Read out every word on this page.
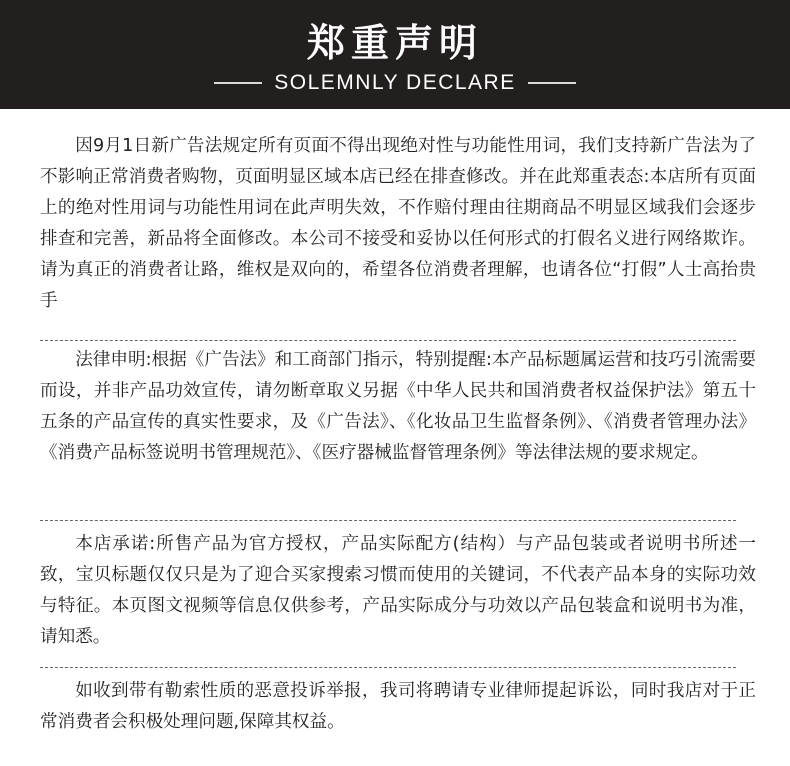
郑重声明
SOLEMNLY DECLARE

因9月1日新广告法规定所有页面不得出现绝对性与功能性用词，我们支持新广告法为了不影响正常消费者购物，页面明显区域本店已经在排查修改。并在此郑重表态:本店所有页面上的绝对性用词与功能性用词在此声明失效，不作赔付理由往期商品不明显区域我们会逐步排查和完善，新品将全面修改。本公司不接受和妥协以任何形式的打假名义进行网络欺诈。请为真正的消费者让路，维权是双向的，希望各位消费者理解，也请各位“打假”人士高抬贵手

法律申明:根据《广告法》和工商部门指示，特别提醒:本产品标题属运营和技巧引流需要而设，并非产品功效宣传，请勿断章取义另据《中华人民共和国消费者权益保护法》第五十五条的产品宣传的真实性要求，及《广告法》、《化妆品卫生监督条例》、《消费者管理办法》《消费产品标签说明书管理规范》、《医疗器械监督管理条例》等法律法规的要求规定。

本店承诺:所售产品为官方授权，产品实际配方(结构）与产品包装或者说明书所述一致，宝贝标题仅仅只是为了迎合买家搜索习惯而使用的关键词，不代表产品本身的实际功效与特征。本页图文视频等信息仅供参考，产品实际成分与功效以产品包装盒和说明书为准，请知悉。

如收到带有勒索性质的恶意投诉举报，我司将聘请专业律师提起诉讼，同时我店对于正常消费者会积极处理问题,保障其权益。
